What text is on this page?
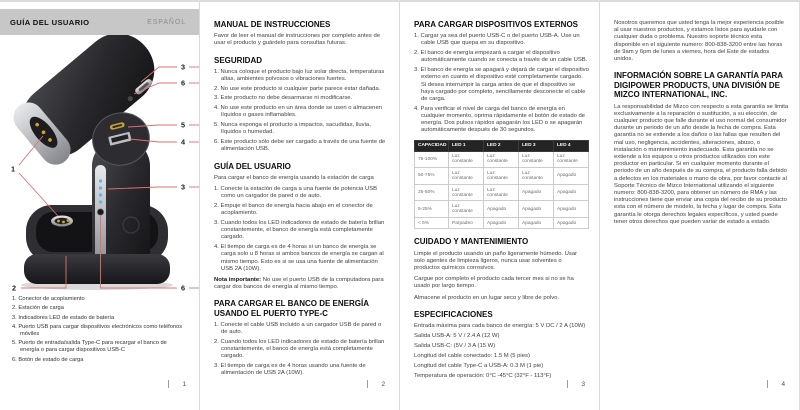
GUÍA DEL USUARIO	ESPAÑOL
3
6
5
4
3
6
1
2
1. Conector de acoplamiento
2. Estación de carga
3. Indicadores LED de estado de batería
4. Puerto USB para cargar dispositivos electrónicos como teléfonos móviles
5. Puerto de entrada/salida Type-C para recargar el banco de energía o para cargar dispositivos USB-C
6. Botón de estado de carga
1
MANUAL DE INSTRUCCIONES

Favor de leer el manual de instrucciones por completo antes de usar el producto y guárdelo para consultas futuras.

SEGURIDAD
1. Nunca coloque el producto bajo luz solar directa, temperaturas altas, ambientes polvosos o vibraciones fuertes.
2. No use este producto si cualquier parte parece estar dañada.
3. Este producto no debe desarmarse ni modificarse.
4. No use este producto en un área donde se usen o almacenen líquidos o gases inflamables.
5. Nunca exponga el producto a impactos, sacudidas, lluvia, líquidos o humedad.
6. Este producto sólo debe ser cargado a través de una fuente de alimentación USB.
GUÍA DEL USUARIO

Para cargar el banco de energía usando la estación de carga

1. Conecte la estación de carga a una fuente de potencia USB como un cargador de pared o de auto.
2. Empuje el banco de energía hacia abajo en el conector de acoplamiento.
3. Cuando todos los LED indicadores de estado de batería brillan constantemente, el banco de energía está completamente cargado.
4. El tiempo de carga es de 4 horas si un banco de energía se carga solo u 8 horas si ambos bancos de energía se cargan al mismo tiempo. Esto es si se usa una fuente de alimentación USB 2A (10W).

Nota importante: No use el puerto USB de la computadora para cargar dos bancos de energía al mismo tiempo.

PARA CARGAR EL BANCO DE ENERGÍA USANDO EL PUERTO TYPE-C
1. Conecte el cable USB incluido a un cargador USB de pared o de auto.
2. Cuando todos los LED indicadores de estado de batería brillan constantemente, el banco de energía está completamente cargado.
3. El tiempo de carga es de 4 horas usando una fuente de alimentación de USB 2A (10W).
2
PARA CARGAR DISPOSITIVOS EXTERNOS
1. Cargar ya sea del puerto USB-C o del puerto USB-A. Use un cable USB que quepa en su dispositivo.
2. El banco de energía empezará a cargar el dispositivo automáticamente cuando se conecta a través de un cable USB.
3. El banco de energía se apagará y dejará de cargar el dispositivo externo en cuanto el dispositivo esté completamente cargado. Si desea interrumpir la carga antes de que el dispositivo se haya cargado por completo, sencillamente desconecte el cable de carga.
4. Para verificar el nivel de carga del banco de energía en cualquier momento, oprima rápidamente el botón de estado de energía. Dos pulsos rápidos apagarán los LED o se apagarán automáticamente después de 30 segundos.
CAPACIDAD	LED 1	LED 2	LED 3	LED 4
75-100%	Luz constante	Luz constante	Luz constante	Luz constante
50-75%	Luz constante	Luz constante	Luz constante	Apagado
25-50%	Luz constante	Luz constante	Apagado	Apagado
5-25%	Luz constante	Apagado	Apagado	Apagado
< 5%	Parpadeo	Apagado	Apagado	Apagado
CUIDADO Y MANTENIMIENTO

Limpie el producto usando un paño ligeramente húmedo. Usar solo agentes de limpieza ligeros, nunca usar solventes o productos químicos corrosivos.

Cargue por completo el producto cada tercer mes si no se ha usado por largo tiempo.

Almacene el producto en un lugar seco y libre de polvo.

ESPECIFICACIONES
Entrada máxima para cada banco de energía: 5 V DC / 2 A (10W)
Salida USB-A: 5 V / 2.4 A (12 W)
Salida USB-C: (5V / 3 A (15 W)
Longitud del cable conectado: 1.5 M (5 pies)
Longitud del cable Type-C a USB-A: 0.3 M (1 pie)
Temperatura de operación: 0°C -45°C (32°F - 113°F)
3

Nosotros queremos que usted tenga la mejor experiencia posible al usar nuestros productos, y estamos listos para ayudarle con cualquier duda o problema. Nuestro soporte técnico esta disponible en el siguiente numero: 800-838-3200 entre las horas de 9am y 6pm de lunes a viernes, hora del Este de estados unidos.

INFORMACIÓN SOBRE LA GARANTÍA PARA DIGIPOWER PRODUCTS, UNA DIVISIÓN DE MIZCO INTERNATIONAL, INC.

La responsabilidad de Mizco con respecto a esta garantía se limita exclusivamente a la reparación o sustitución, a su elección, de cualquier producto que falle durante el uso normal del consumidor durante un periodo de un año desde la fecha de compra. Esta garantía no se extiende a los daños o las fallas que resulten del mal uso, negligencia, accidentes, alteraciones, abuso, o instalación o mantenimiento inadecuado. Esta garantía no se extiende a los equipos u otros productos utilizados con este productor en particular. Si en cualquier momento durante el periodo de un año después de su compra, el producto falla debido a defectos en los materiales o mano de obra, por favor contacte al Soporte Técnico de Mizco International utilizando el siguiente numero: 800-838-3200, para obtener un número de RMA y las instrucciones tiene que enviar una copia del recibo de su producto esta con el número de modelo, la fecha y lugar de compra. Esta garantía le otorga derechos legales específicos, y usted puede tener otros derechos que pueden variar de estado a estado.

4
